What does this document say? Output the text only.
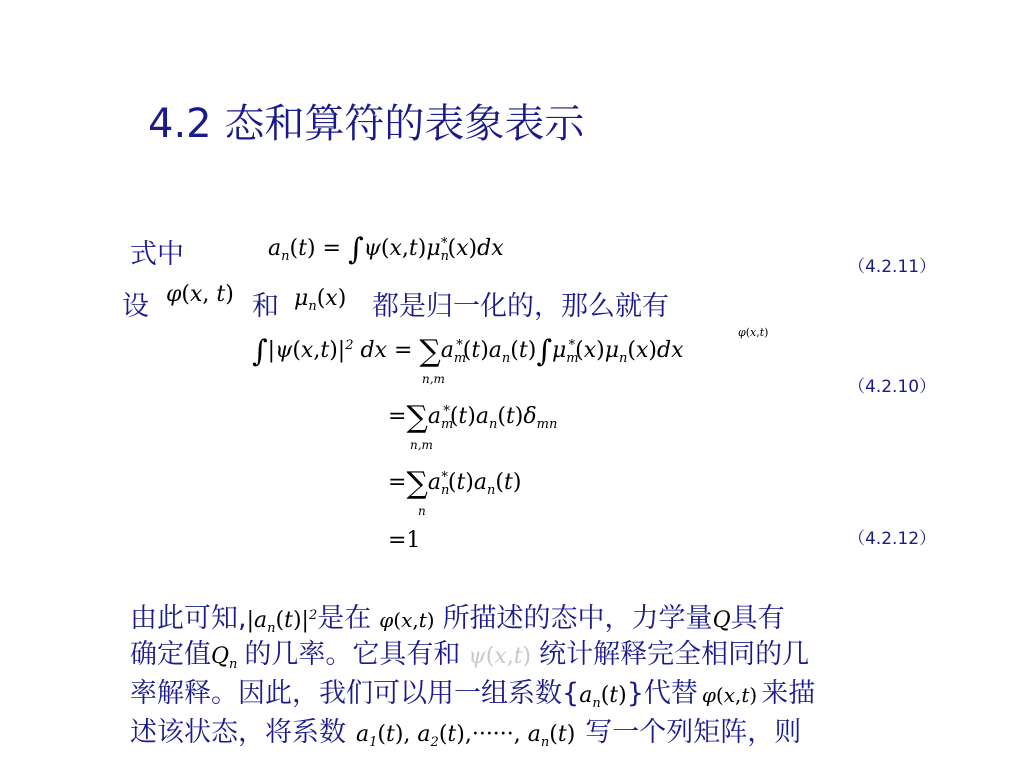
4.2 态和算符的表象表示
式中	$a_n(t) = \int\psi(x,t)\mu_n^*(x)dx$
（4.2.11）
设 φ(x, t) 和 $\mu_n(x)$ 都是归一化的，那么就有
$\int|\psi(x,t)|^2$ dx = $\sum a_m^*(t)a_n(t)\int\mu_m^*(x)\mu_n(x)dx$
n,m
φ(x,t)
（4.2.10）
$=\sum a_m^*(t)a_n(t)\delta_{mn}$
n,m
$=\sum a_n^*(t)a_n(t)$
n
=1	（4.2.12）
由此可知$,|a_n(t)|^2$是在 φ(x,t) 所描述的态中，力学量Q具有
确定值$Q_n$ 的几率。它具有和 ψ(x,t) 统计解释完全相同的几
率解释。因此，我们可以用一组系数$\{a_n(t)\}$代替 φ(x,t) 来描
述该状态，将系数 $a_1(t)$, $a_2(t),\cdot\cdot\cdot\cdot\cdot\cdot$, $a_n(t)$ 写一个列矩阵，则
